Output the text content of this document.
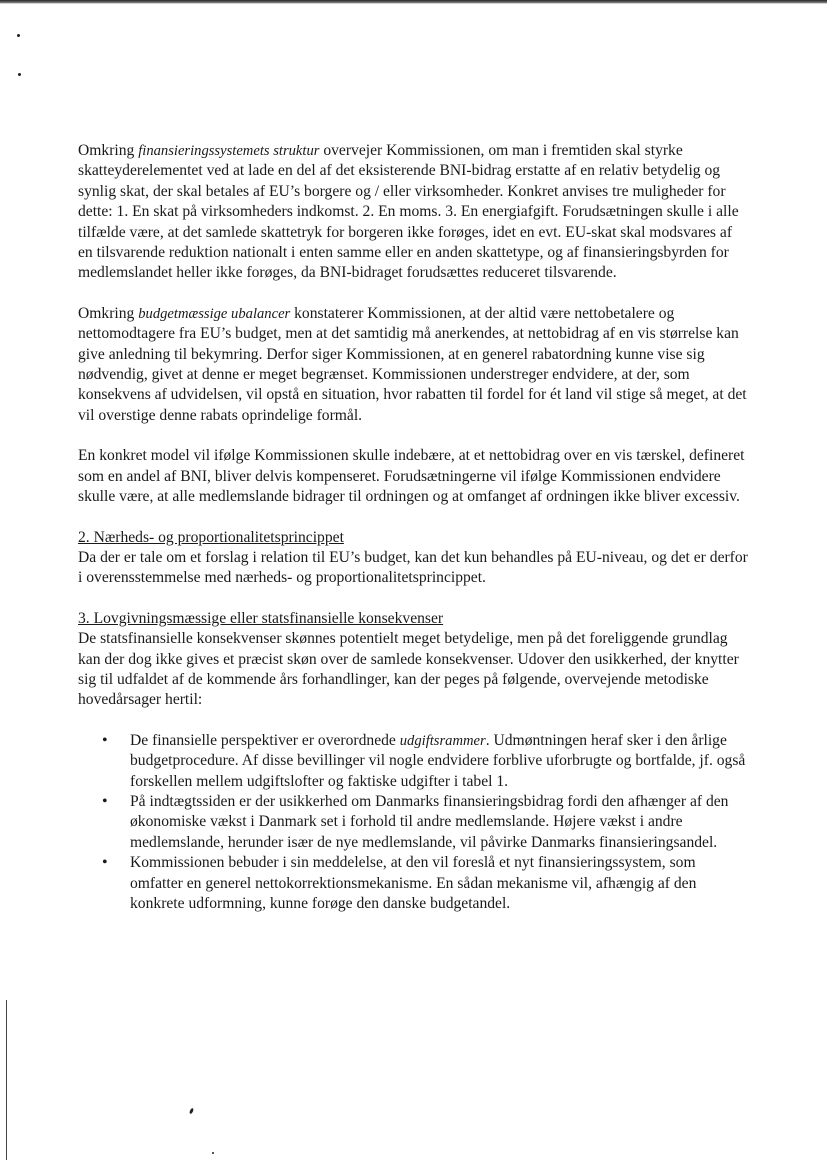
Omkring finansieringssystemets struktur overvejer Kommissionen, om man i fremtiden skal styrke skatteyderelementet ved at lade en del af det eksisterende BNI-bidrag erstatte af en relativ betydelig og synlig skat, der skal betales af EU’s borgere og / eller virksomheder. Konkret anvises tre muligheder for dette: 1. En skat på virksomheders indkomst. 2. En moms. 3. En energiafgift. Forudsætningen skulle i alle tilfælde være, at det samlede skattetryk for borgeren ikke forøges, idet en evt. EU-skat skal modsvares af en tilsvarende reduktion nationalt i enten samme eller en anden skattetype, og af finansieringsbyrden for medlemslandet heller ikke forøges, da BNI-bidraget forudsættes reduceret tilsvarende.

Omkring budgetmæssige ubalancer konstaterer Kommissionen, at der altid være nettobetalere og nettomodtagere fra EU’s budget, men at det samtidig må anerkendes, at nettobidrag af en vis størrelse kan give anledning til bekymring. Derfor siger Kommissionen, at en generel rabatordning kunne vise sig nødvendig, givet at denne er meget begrænset. Kommissionen understreger endvidere, at der, som konsekvens af udvidelsen, vil opstå en situation, hvor rabatten til fordel for ét land vil stige så meget, at det vil overstige denne rabats oprindelige formål.

En konkret model vil ifølge Kommissionen skulle indebære, at et nettobidrag over en vis tærskel, defineret som en andel af BNI, bliver delvis kompenseret. Forudsætningerne vil ifølge Kommissionen endvidere skulle være, at alle medlemslande bidrager til ordningen og at omfanget af ordningen ikke bliver excessiv.

2. Nærheds- og proportionalitetsprincippet
Da der er tale om et forslag i relation til EU’s budget, kan det kun behandles på EU-niveau, og det er derfor i overensstemmelse med nærheds- og proportionalitetsprincippet.

3. Lovgivningsmæssige eller statsfinansielle konsekvenser
De statsfinansielle konsekvenser skønnes potentielt meget betydelige, men på det foreliggende grundlag kan der dog ikke gives et præcist skøn over de samlede konsekvenser. Udover den usikkerhed, der knytter sig til udfaldet af de kommende års forhandlinger, kan der peges på følgende, overvejende metodiske hovedårsager hertil:
• De finansielle perspektiver er overordnede udgiftsrammer. Udmøntningen heraf sker i den årlige budgetprocedure. Af disse bevillinger vil nogle endvidere forblive uforbrugte og bortfalde, jf. også forskellen mellem udgiftslofter og faktiske udgifter i tabel 1.
• På indtægtssiden er der usikkerhed om Danmarks finansieringsbidrag fordi den afhænger af den økonomiske vækst i Danmark set i forhold til andre medlemslande. Højere vækst i andre medlemslande, herunder især de nye medlemslande, vil påvirke Danmarks finansieringsandel.
• Kommissionen bebuder i sin meddelelse, at den vil foreslå et nyt finansieringssystem, som omfatter en generel nettokorrektionsmekanisme. En sådan mekanisme vil, afhængig af den konkrete udformning, kunne forøge den danske budgetandel.
